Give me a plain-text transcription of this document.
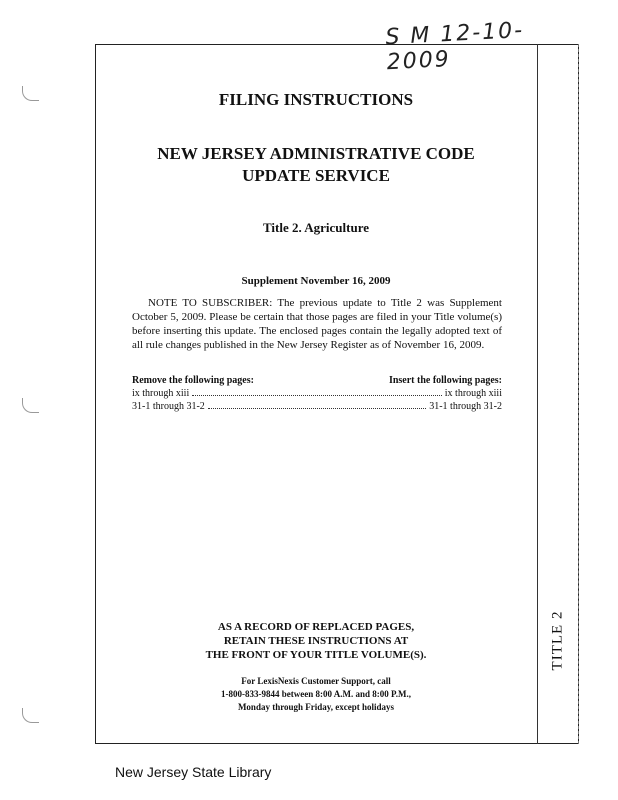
S M 12-10-2009
TITLE 2
FILING INSTRUCTIONS
NEW JERSEY ADMINISTRATIVE CODE
UPDATE SERVICE
Title 2. Agriculture
Supplement November 16, 2009
NOTE TO SUBSCRIBER: The previous update to Title 2 was Supplement October 5, 2009. Please be certain that those pages are filed in your Title volume(s) before inserting this update. The enclosed pages contain the legally adopted text of all rule changes published in the New Jersey Register as of November 16, 2009.
Remove the following pages:	Insert the following pages:
ix through xiii	ix through xiii
31-1 through 31-2	31-1 through 31-2
AS A RECORD OF REPLACED PAGES,
RETAIN THESE INSTRUCTIONS AT
THE FRONT OF YOUR TITLE VOLUME(S).
For LexisNexis Customer Support, call
1-800-833-9844 between 8:00 A.M. and 8:00 P.M.,
Monday through Friday, except holidays
New Jersey State Library
